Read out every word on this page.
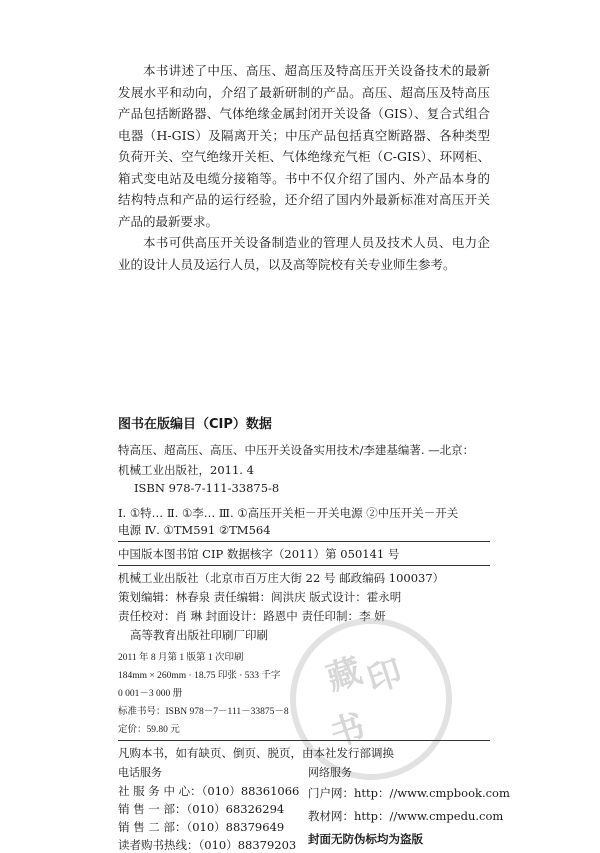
本书讲述了中压、高压、超高压及特高压开关设备技术的最新发展水平和动向，介绍了最新研制的产品。高压、超高压及特高压产品包括断路器、气体绝缘金属封闭开关设备（GIS）、复合式组合电器（H-GIS）及隔离开关；中压产品包括真空断路器、各种类型负荷开关、空气绝缘开关柜、气体绝缘充气柜（C-GIS）、环网柜、箱式变电站及电缆分接箱等。书中不仅介绍了国内、外产品本身的结构特点和产品的运行经验，还介绍了国内外最新标准对高压开关产品的最新要求。

本书可供高压开关设备制造业的管理人员及技术人员、电力企业的设计人员及运行人员，以及高等院校有关专业师生参考。

图书在版编目（CIP）数据
特高压、超高压、高压、中压开关设备实用技术/李建基编著. —北京：
机械工业出版社，2011. 4
ISBN 978-7-111-33875-8
Ⅰ. ①特… Ⅱ. ①李… Ⅲ. ①高压开关柜－开关电源 ②中压开关－开关
电源 Ⅳ. ①TM591 ②TM564
中国版本图书馆 CIP 数据核字（2011）第 050141 号
机械工业出版社（北京市百万庄大街 22 号 邮政编码 100037）
策划编辑：林春泉 责任编辑：闾洪庆 版式设计：霍永明
责任校对：肖 琳 封面设计：路恩中 责任印制：李 妍
高等教育出版社印刷厂印刷
2011 年 8 月第 1 版第 1 次印刷
184mm × 260mm · 18.75 印张 · 533 千字
0 001－3 000 册
标准书号：ISBN 978－7－111－33875－8
定价：59.80 元
藏
印
书
凡购本书，如有缺页、倒页、脱页，由本社发行部调换
电话服务	网络服务
社 服 务 中 心：（010）88361066
销 售 一 部：（010）68326294
销 售 二 部：（010）88379649
读者购书热线：（010）88379203
门户网：http：//www.cmpbook.com
教材网：http：//www.cmpedu.com
封面无防伪标均为盗版
